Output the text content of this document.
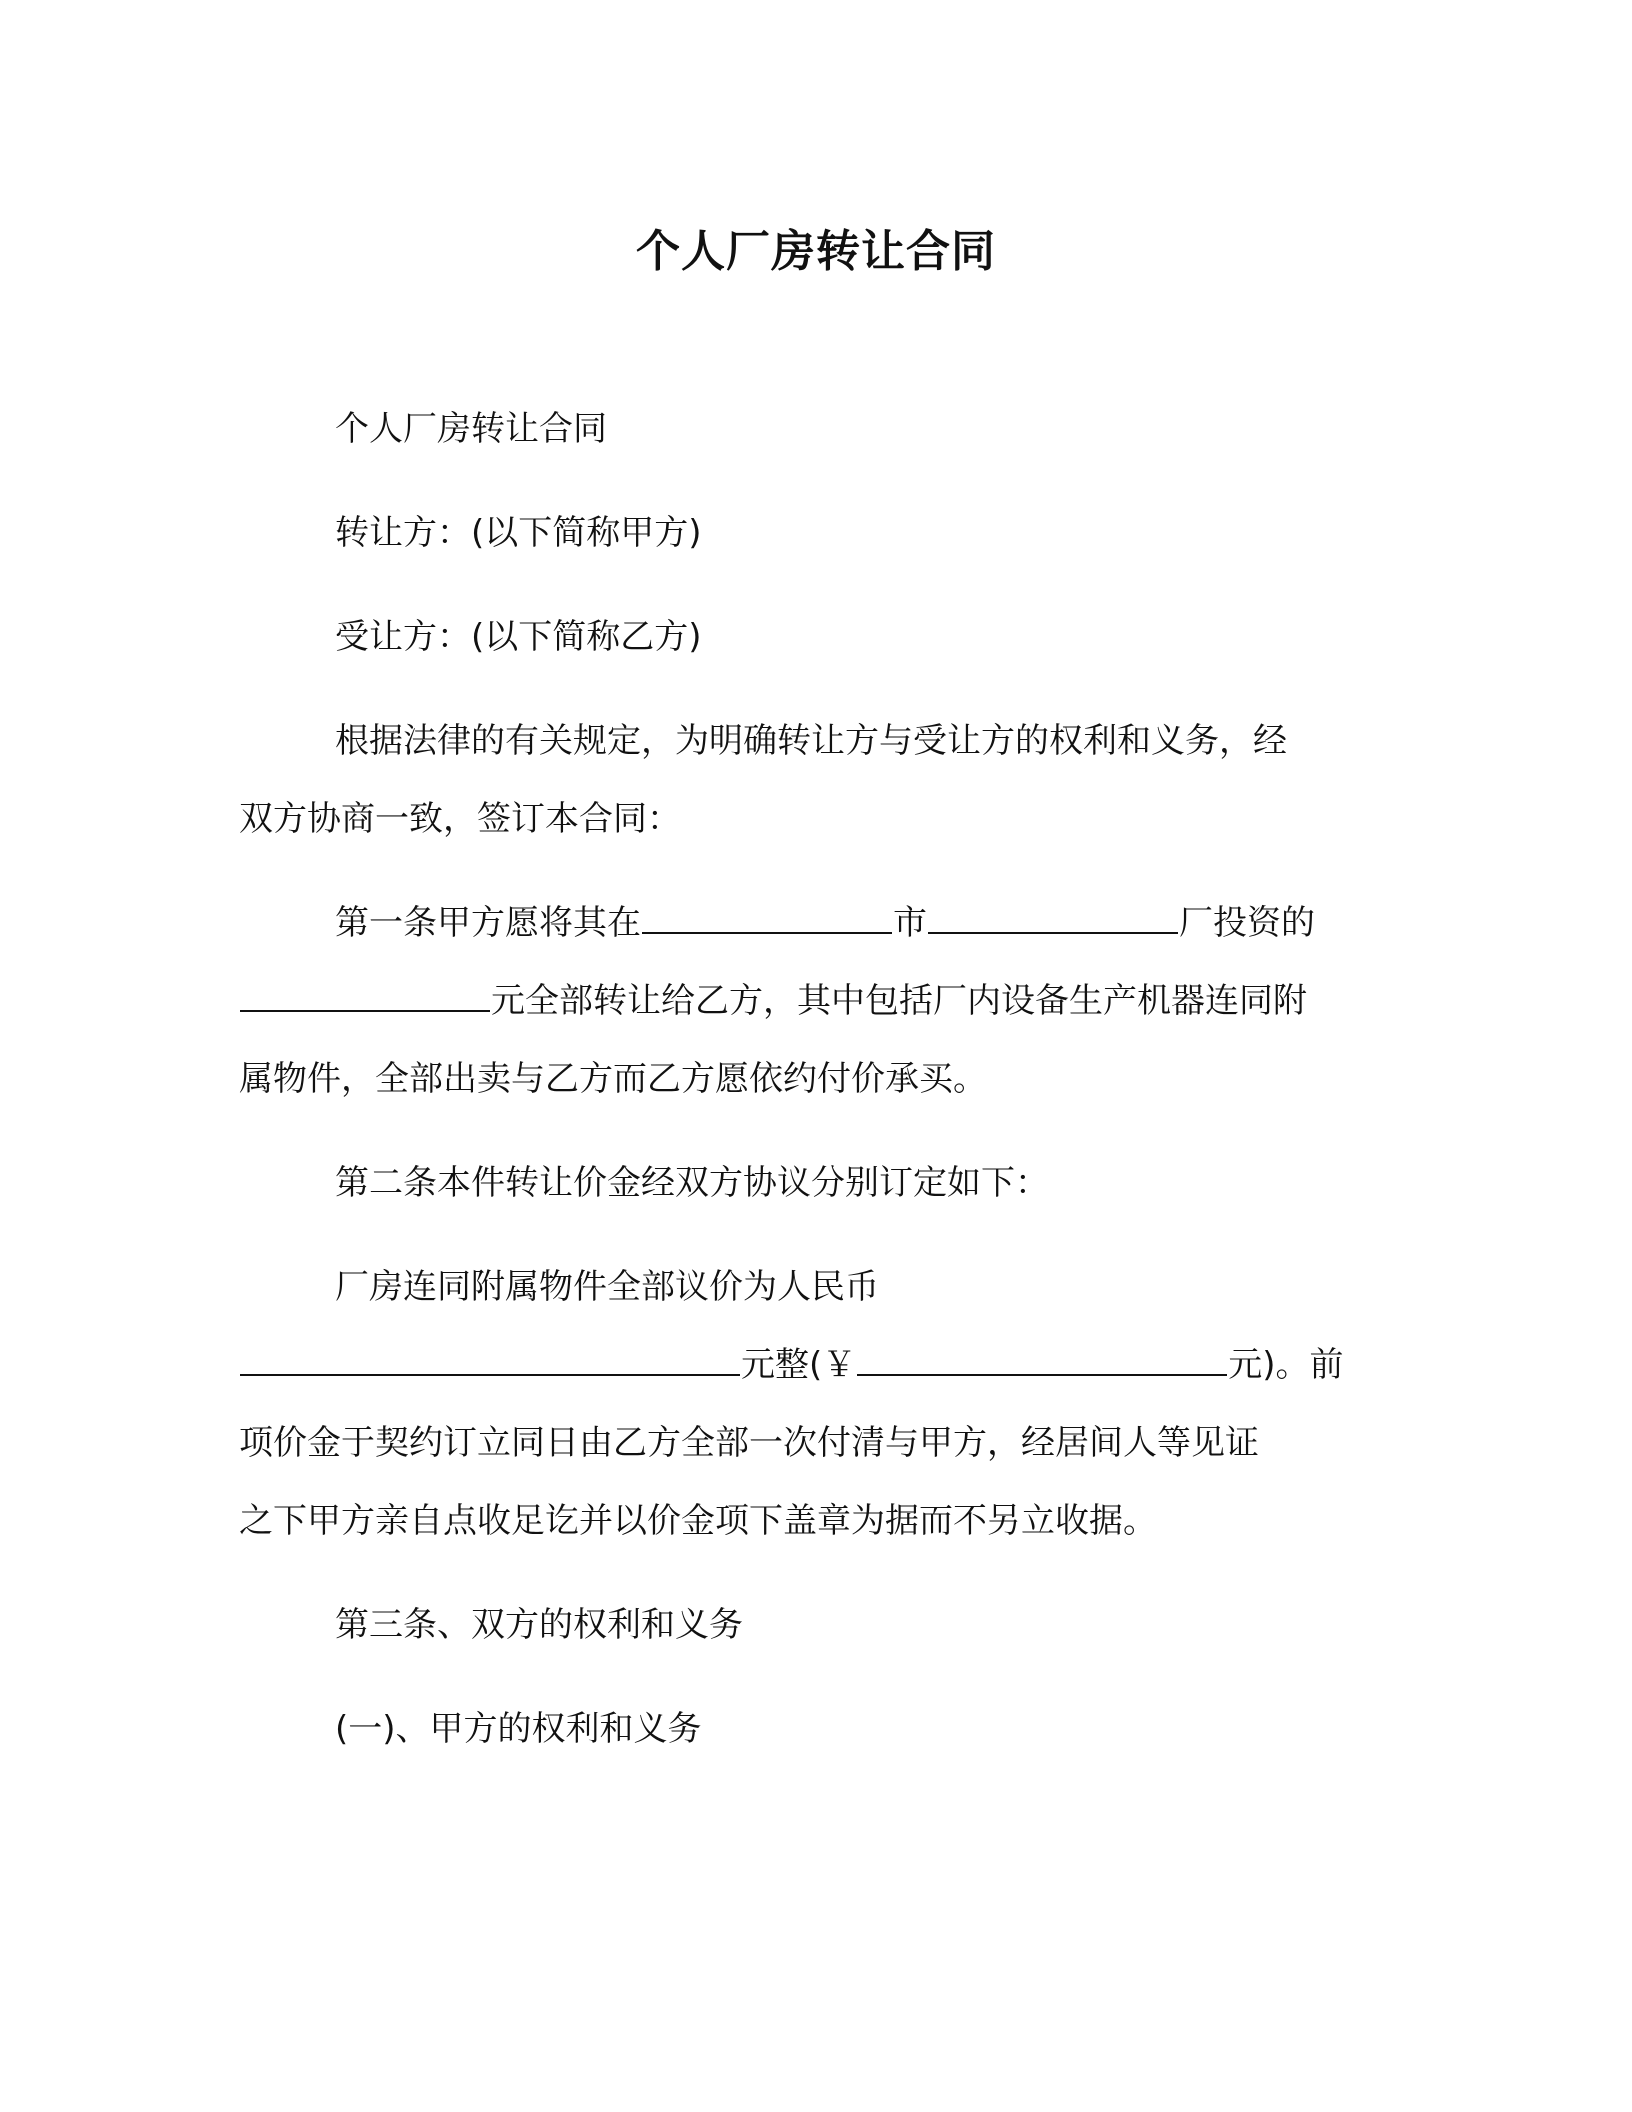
个人厂房转让合同
个人厂房转让合同
转让方：(以下简称甲方)
受让方：(以下简称乙方)
根据法律的有关规定，为明确转让方与受让方的权利和义务，经
双方协商一致，签订本合同：
第一条甲方愿将其在	市	厂投资的
元全部转让给乙方，其中包括厂内设备生产机器连同附
属物件，全部出卖与乙方而乙方愿依约付价承买。
第二条本件转让价金经双方协议分别订定如下：
厂房连同附属物件全部议价为人民币
元整(￥	元)。前
项价金于契约订立同日由乙方全部一次付清与甲方，经居间人等见证
之下甲方亲自点收足讫并以价金项下盖章为据而不另立收据。
第三条、双方的权利和义务
(一)、甲方的权利和义务
